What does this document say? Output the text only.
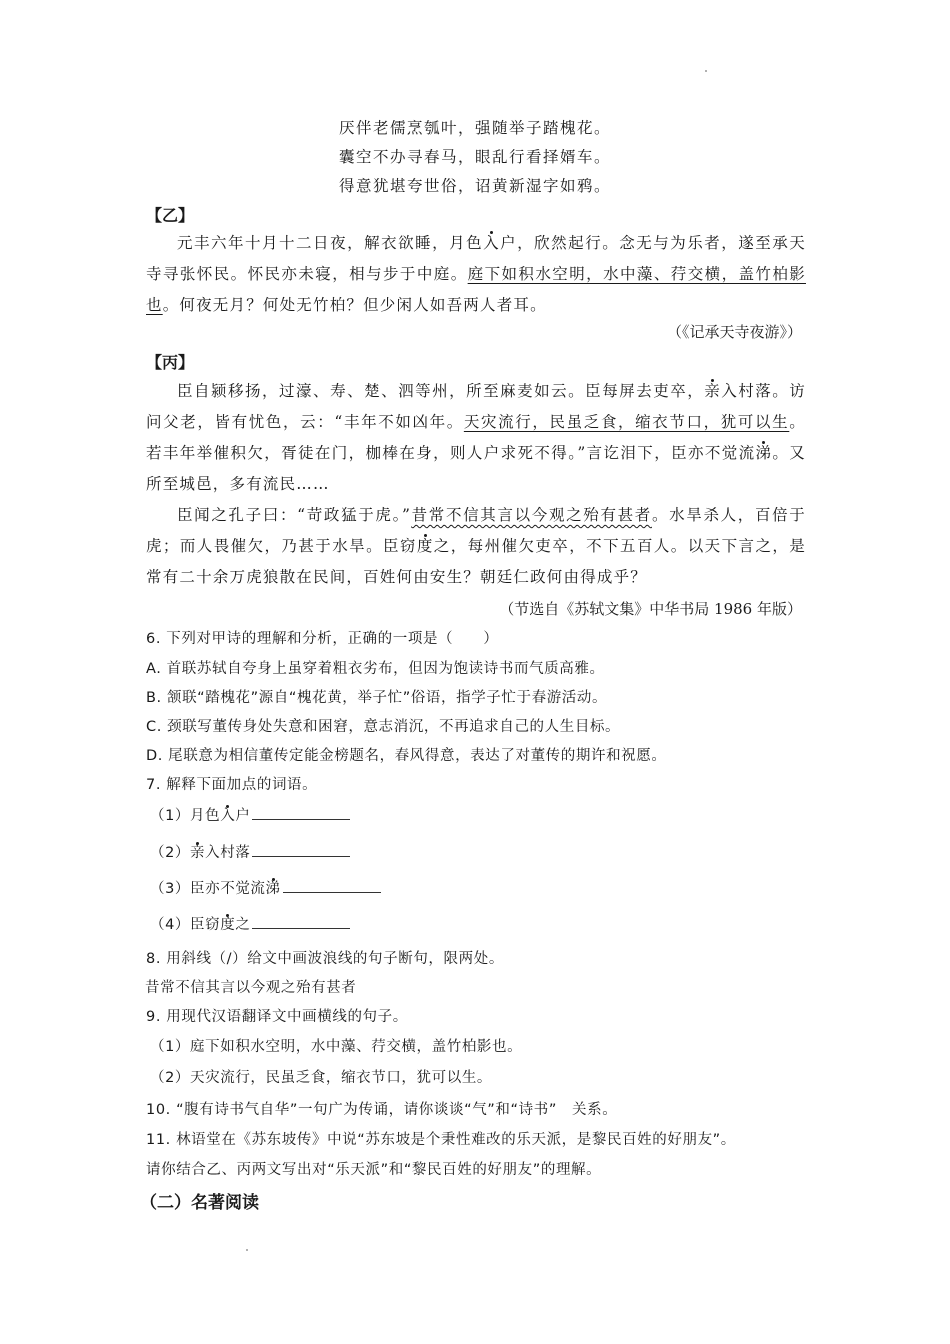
厌伴老儒烹瓠叶，强随举子踏槐花。
囊空不办寻春马，眼乱行看择婿车。
得意犹堪夸世俗，诏黄新湿字如鸦。
【乙】

元丰六年十月十二日夜，解衣欲睡，月色入户，欣然起行。念无与为乐者，遂至承天寺寻张怀民。怀民亦未寝，相与步于中庭。庭下如积水空明，水中藻、荇交横，盖竹柏影也。何夜无月？何处无竹柏？但少闲人如吾两人者耳。

（《记承天寺夜游》）
【丙】

臣自颍移扬，过濠、寿、楚、泗等州，所至麻麦如云。臣每屏去吏卒，亲入村落。访问父老，皆有忧色，云：“丰年不如凶年。天灾流行，民虽乏食，缩衣节口，犹可以生。若丰年举催积欠，胥徒在门，枷棒在身，则人户求死不得。”言讫泪下，臣亦不觉流涕。又所至城邑，多有流民……

臣闻之孔子曰：“苛政猛于虎。”昔常不信其言以今观之殆有甚者。水旱杀人，百倍于虎；而人畏催欠，乃甚于水旱。臣窃度之，每州催欠吏卒，不下五百人。以天下言之，是常有二十余万虎狼散在民间，百姓何由安生？朝廷仁政何由得成乎？

（节选自《苏轼文集》中华书局 1986 年版）
6. 下列对甲诗的理解和分析，正确的一项是（　　）
A. 首联苏轼自夸身上虽穿着粗衣劣布，但因为饱读诗书而气质高雅。
B. 颔联“踏槐花”源自“槐花黄，举子忙”俗语，指学子忙于春游活动。
C. 颈联写董传身处失意和困窘，意志消沉，不再追求自己的人生目标。
D. 尾联意为相信董传定能金榜题名，春风得意，表达了对董传的期许和祝愿。
7. 解释下面加点的词语。
（1）月色入户
（2）亲入村落
（3）臣亦不觉流涕
（4）臣窃度之
8. 用斜线（/）给文中画波浪线的句子断句，限两处。
昔常不信其言以今观之殆有甚者
9. 用现代汉语翻译文中画横线的句子。
（1）庭下如积水空明，水中藻、荇交横，盖竹柏影也。
（2）天灾流行，民虽乏食，缩衣节口，犹可以生。
10. “腹有诗书气自华”一句广为传诵，请你谈谈“气”和“诗书”　关系。
11. 林语堂在《苏东坡传》中说“苏东坡是个秉性难改的乐天派，是黎民百姓的好朋友”。
请你结合乙、丙两文写出对“乐天派”和“黎民百姓的好朋友”的理解。
（二）名著阅读
